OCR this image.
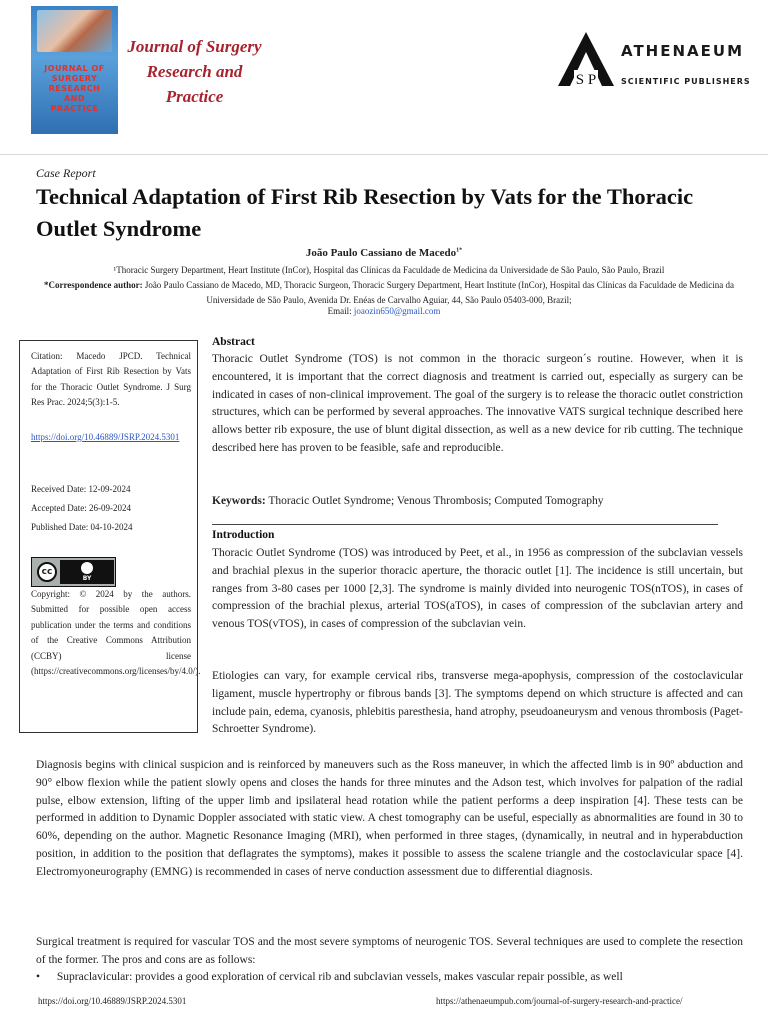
JOURNAL OF
SURGERY
RESEARCH
AND
PRACTICE
Journal of Surgery
Research and
Practice
S P
ATHENAEUM
SCIENTIFIC PUBLISHERS
Case Report
Technical Adaptation of First Rib Resection by Vats for the Thoracic Outlet Syndrome
João Paulo Cassiano de Macedo$^{1*}$
¹Thoracic Surgery Department, Heart Institute (InCor), Hospital das Clínicas da Faculdade de Medicina da Universidade de São Paulo, São Paulo, Brazil
*Correspondence author: João Paulo Cassiano de Macedo, MD, Thoracic Surgeon, Thoracic Surgery Department, Heart Institute (InCor), Hospital das Clínicas da Faculdade de Medicina da Universidade de São Paulo, Avenida Dr. Enéas de Carvalho Aguiar, 44, São Paulo 05403-000, Brazil;
Email: joaozin650@gmail.com
Citation: Macedo JPCD. Technical Adaptation of First Rib Resection by Vats for the Thoracic Outlet Syndrome. J Surg Res Prac. 2024;5(3):1-5.
https://doi.org/10.46889/JSRP.2024.5301
Received Date: 12-09-2024
Accepted Date: 26-09-2024
Published Date: 04-10-2024
cc
BY
Copyright: © 2024 by the authors. Submitted for possible open access publication under the terms and conditions of the Creative Commons Attribution (CCBY) license (https://creativecommons.org/licenses/by/4.0/).
Abstract
Thoracic Outlet Syndrome (TOS) is not common in the thoracic surgeon´s routine. However, when it is encountered, it is important that the correct diagnosis and treatment is carried out, especially as surgery can be indicated in cases of non-clinical improvement. The goal of the surgery is to release the thoracic outlet constriction structures, which can be performed by several approaches. The innovative VATS surgical technique described here allows better rib exposure, the use of blunt digital dissection, as well as a new device for rib cutting. The technique described here has proven to be feasible, safe and reproducible.
Keywords: Thoracic Outlet Syndrome; Venous Thrombosis; Computed Tomography
Introduction
Thoracic Outlet Syndrome (TOS) was introduced by Peet, et al., in 1956 as compression of the subclavian vessels and brachial plexus in the superior thoracic aperture, the thoracic outlet [1]. The incidence is still uncertain, but ranges from 3-80 cases per 1000 [2,3]. The syndrome is mainly divided into neurogenic TOS(nTOS), in cases of compression of the brachial plexus, arterial TOS(aTOS), in cases of compression of the subclavian artery and venous TOS(vTOS), in cases of compression of the subclavian vein.
Etiologies can vary, for example cervical ribs, transverse mega-apophysis, compression of the costoclavicular ligament, muscle hypertrophy or fibrous bands [3]. The symptoms depend on which structure is affected and can include pain, edema, cyanosis, phlebitis paresthesia, hand atrophy, pseudoaneurysm and venous thrombosis (Paget-Schroetter Syndrome).
Diagnosis begins with clinical suspicion and is reinforced by maneuvers such as the Ross maneuver, in which the affected limb is in 90º abduction and 90° elbow flexion while the patient slowly opens and closes the hands for three minutes and the Adson test, which involves for palpation of the radial pulse, elbow extension, lifting of the upper limb and ipsilateral head rotation while the patient performs a deep inspiration [4]. These tests can be performed in addition to Dynamic Doppler associated with static view. A chest tomography can be useful, especially as abnormalities are found in 30 to 60%, depending on the author. Magnetic Resonance Imaging (MRI), when performed in three stages, (dynamically, in neutral and in hyperabduction position, in addition to the position that deflagrates the symptoms), makes it possible to assess the scalene triangle and the costoclavicular space [4]. Electromyoneurography (EMNG) is recommended in cases of nerve conduction assessment due to differential diagnosis.
Surgical treatment is required for vascular TOS and the most severe symptoms of neurogenic TOS. Several techniques are used to complete the resection of the former. The pros and cons are as follows:
• Supraclavicular: provides a good exploration of cervical rib and subclavian vessels, makes vascular repair possible, as well
https://doi.org/10.46889/JSRP.2024.5301	https://athenaeumpub.com/journal-of-surgery-research-and-practice/
